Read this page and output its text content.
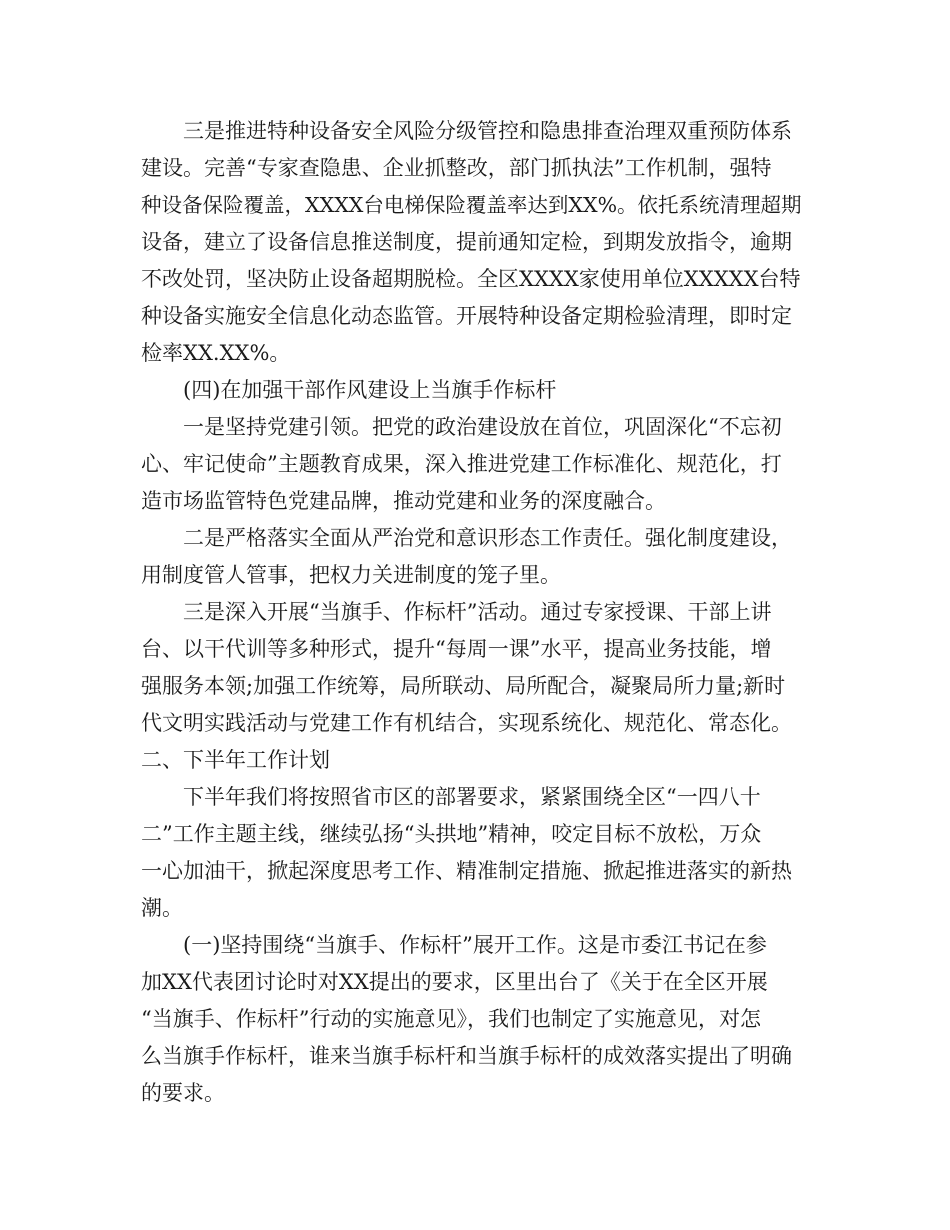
三是推进特种设备安全风险分级管控和隐患排查治理双重预防体系

建设。完善“专家查隐患、企业抓整改，部门抓执法”工作机制，强特

种设备保险覆盖，XXXX台电梯保险覆盖率达到XX%。依托系统清理超期

设备，建立了设备信息推送制度，提前通知定检，到期发放指令，逾期

不改处罚，坚决防止设备超期脱检。全区XXXX家使用单位XXXXX台特

种设备实施安全信息化动态监管。开展特种设备定期检验清理，即时定

检率XX.XX%。

(四)在加强干部作风建设上当旗手作标杆

一是坚持党建引领。把党的政治建设放在首位，巩固深化“不忘初

心、牢记使命”主题教育成果，深入推进党建工作标准化、规范化，打

造市场监管特色党建品牌，推动党建和业务的深度融合。

二是严格落实全面从严治党和意识形态工作责任。强化制度建设，

用制度管人管事，把权力关进制度的笼子里。

三是深入开展“当旗手、作标杆”活动。通过专家授课、干部上讲

台、以干代训等多种形式，提升“每周一课”水平，提高业务技能，增

强服务本领;加强工作统筹，局所联动、局所配合，凝聚局所力量;新时

代文明实践活动与党建工作有机结合，实现系统化、规范化、常态化。

二、下半年工作计划

下半年我们将按照省市区的部署要求，紧紧围绕全区“一四八十

二”工作主题主线，继续弘扬“头拱地”精神，咬定目标不放松，万众

一心加油干，掀起深度思考工作、精准制定措施、掀起推进落实的新热

潮。

(一)坚持围绕“当旗手、作标杆”展开工作。这是市委江书记在参

加XX代表团讨论时对XX提出的要求，区里出台了《关于在全区开展

“当旗手、作标杆”行动的实施意见》，我们也制定了实施意见，对怎

么当旗手作标杆，谁来当旗手标杆和当旗手标杆的成效落实提出了明确

的要求。
